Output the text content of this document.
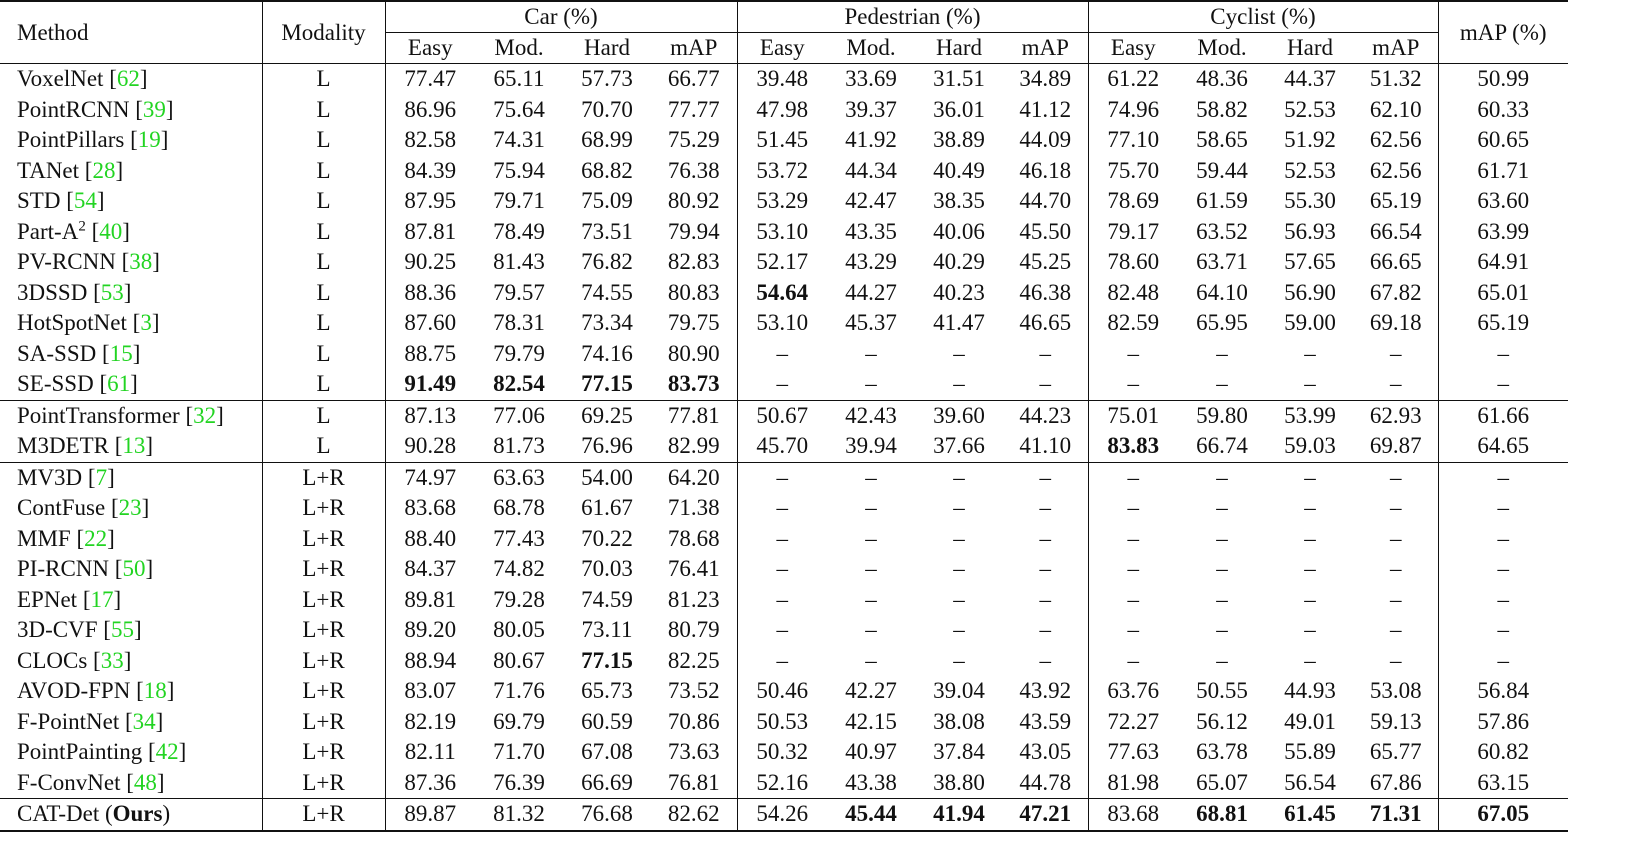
Method	Modality	Car (%)				Pedestrian (%)				Cyclist (%)				mAP (%)
		Easy	Mod.	Hard	mAP	Easy	Mod.	Hard	mAP	Easy	Mod.	Hard	mAP	
VoxelNet [62]	L	77.47	65.11	57.73	66.77	39.48	33.69	31.51	34.89	61.22	48.36	44.37	51.32	50.99
PointRCNN [39]	L	86.96	75.64	70.70	77.77	47.98	39.37	36.01	41.12	74.96	58.82	52.53	62.10	60.33
PointPillars [19]	L	82.58	74.31	68.99	75.29	51.45	41.92	38.89	44.09	77.10	58.65	51.92	62.56	60.65
TANet [28]	L	84.39	75.94	68.82	76.38	53.72	44.34	40.49	46.18	75.70	59.44	52.53	62.56	61.71
STD [54]	L	87.95	79.71	75.09	80.92	53.29	42.47	38.35	44.70	78.69	61.59	55.30	65.19	63.60
Part-$A^2$ [40]	L	87.81	78.49	73.51	79.94	53.10	43.35	40.06	45.50	79.17	63.52	56.93	66.54	63.99
PV-RCNN [38]	L	90.25	81.43	76.82	82.83	52.17	43.29	40.29	45.25	78.60	63.71	57.65	66.65	64.91
3DSSD [53]	L	88.36	79.57	74.55	80.83	54.64	44.27	40.23	46.38	82.48	64.10	56.90	67.82	65.01
HotSpotNet [3]	L	87.60	78.31	73.34	79.75	53.10	45.37	41.47	46.65	82.59	65.95	59.00	69.18	65.19
SA-SSD [15]	L	88.75	79.79	74.16	80.90	–	–	–	–	–	–	–	–	–
SE-SSD [61]	L	91.49	82.54	77.15	83.73	–	–	–	–	–	–	–	–	–
PointTransformer [32]	L	87.13	77.06	69.25	77.81	50.67	42.43	39.60	44.23	75.01	59.80	53.99	62.93	61.66
M3DETR [13]	L	90.28	81.73	76.96	82.99	45.70	39.94	37.66	41.10	83.83	66.74	59.03	69.87	64.65
MV3D [7]	L+R	74.97	63.63	54.00	64.20	–	–	–	–	–	–	–	–	–
ContFuse [23]	L+R	83.68	68.78	61.67	71.38	–	–	–	–	–	–	–	–	–
MMF [22]	L+R	88.40	77.43	70.22	78.68	–	–	–	–	–	–	–	–	–
PI-RCNN [50]	L+R	84.37	74.82	70.03	76.41	–	–	–	–	–	–	–	–	–
EPNet [17]	L+R	89.81	79.28	74.59	81.23	–	–	–	–	–	–	–	–	–
3D-CVF [55]	L+R	89.20	80.05	73.11	80.79	–	–	–	–	–	–	–	–	–
CLOCs [33]	L+R	88.94	80.67	77.15	82.25	–	–	–	–	–	–	–	–	–
AVOD-FPN [18]	L+R	83.07	71.76	65.73	73.52	50.46	42.27	39.04	43.92	63.76	50.55	44.93	53.08	56.84
F-PointNet [34]	L+R	82.19	69.79	60.59	70.86	50.53	42.15	38.08	43.59	72.27	56.12	49.01	59.13	57.86
PointPainting [42]	L+R	82.11	71.70	67.08	73.63	50.32	40.97	37.84	43.05	77.63	63.78	55.89	65.77	60.82
F-ConvNet [48]	L+R	87.36	76.39	66.69	76.81	52.16	43.38	38.80	44.78	81.98	65.07	56.54	67.86	63.15
CAT-Det (Ours)	L+R	89.87	81.32	76.68	82.62	54.26	45.44	41.94	47.21	83.68	68.81	61.45	71.31	67.05
